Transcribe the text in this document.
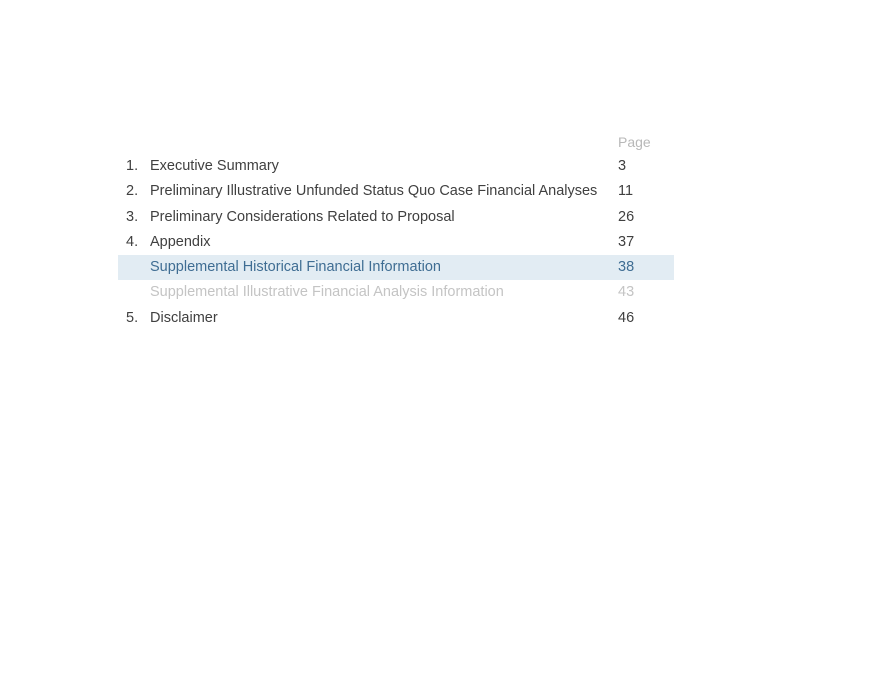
Page
1. Executive Summary	3
2. Preliminary Illustrative Unfunded Status Quo Case Financial Analyses 11
3. Preliminary Considerations Related to Proposal	26
4. Appendix	37
Supplemental Historical Financial Information	38
Supplemental Illustrative Financial Analysis Information	43
5. Disclaimer	46
